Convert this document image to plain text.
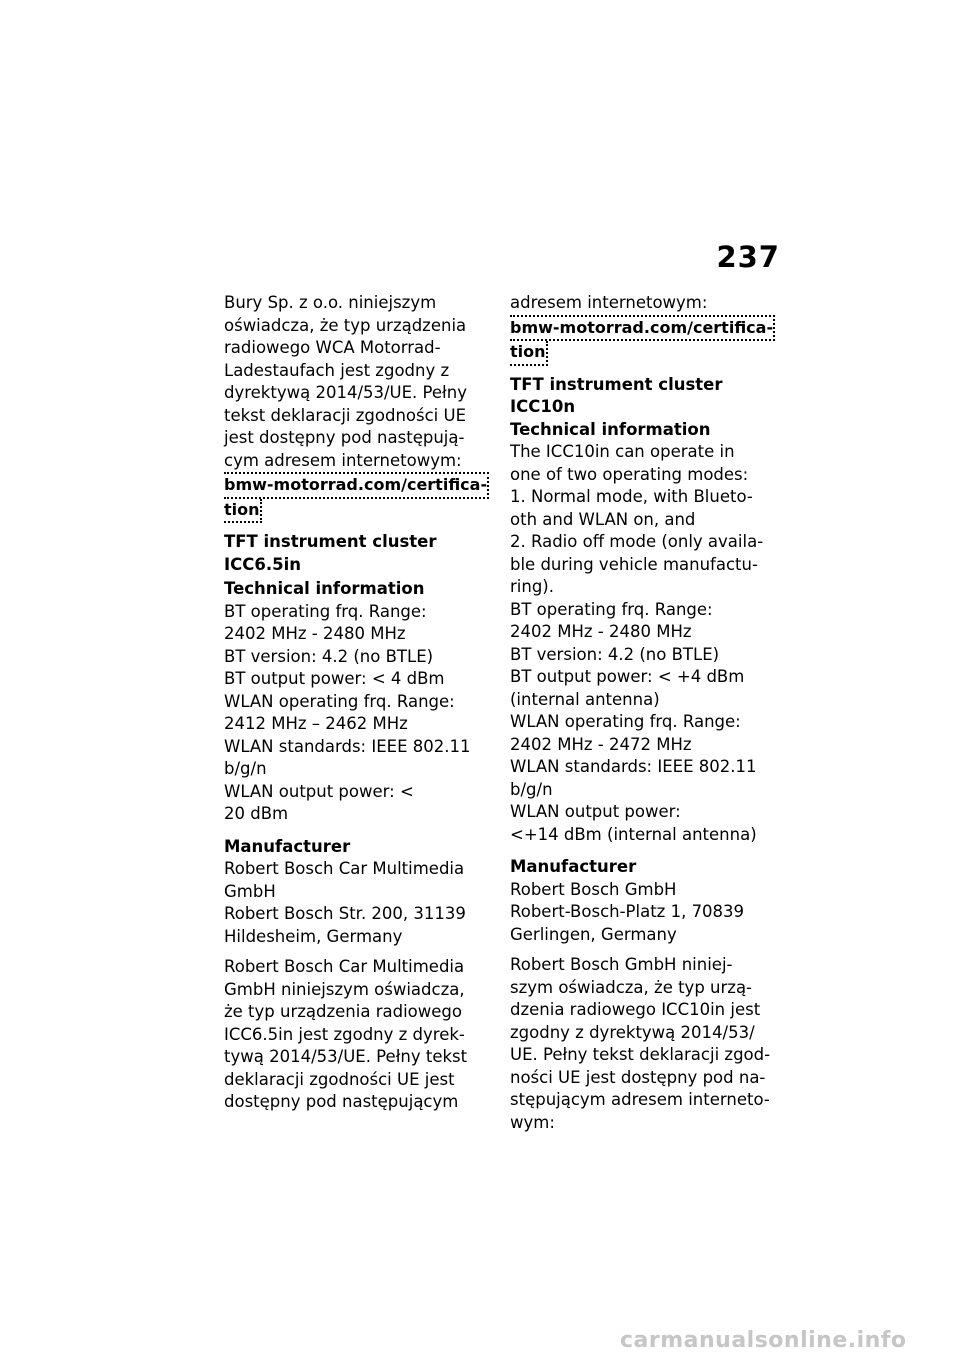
237
Bury Sp. z o.o. niniejszym
oświadcza, że typ urządzenia
radiowego WCA Motorrad-
Ladestaufach jest zgodny z
dyrektywą 2014/53/UE. Pełny
tekst deklaracji zgodności UE
jest dostępny pod następują-
cym adresem internetowym:
bmw-motorrad.com/certifica-

tion
TFT instrument cluster
ICC6.5in
Technical information
BT operating frq. Range:
2402 MHz - 2480 MHz
BT version: 4.2 (no BTLE)
BT output power: < 4 dBm
WLAN operating frq. Range:
2412 MHz – 2462 MHz
WLAN standards: IEEE 802.11
b/g/n
WLAN output power: <
20 dBm
Manufacturer
Robert Bosch Car Multimedia
GmbH
Robert Bosch Str. 200, 31139
Hildesheim, Germany
Robert Bosch Car Multimedia
GmbH niniejszym oświadcza,
że typ urządzenia radiowego
ICC6.5in jest zgodny z dyrek-
tywą 2014/53/UE. Pełny tekst
deklaracji zgodności UE jest
dostępny pod następującym
adresem internetowym:
bmw-motorrad.com/certifica-
tion
TFT instrument cluster
ICC10n
Technical information
The ICC10in can operate in
one of two operating modes:
1. Normal mode, with Blueto-
oth and WLAN on, and
2. Radio off mode (only availa-
ble during vehicle manufactu-
ring).
BT operating frq. Range:
2402 MHz - 2480 MHz
BT version: 4.2 (no BTLE)
BT output power: < +4 dBm
(internal antenna)
WLAN operating frq. Range:
2402 MHz - 2472 MHz
WLAN standards: IEEE 802.11
b/g/n
WLAN output power:
<+14 dBm (internal antenna)
Manufacturer
Robert Bosch GmbH
Robert-Bosch-Platz 1, 70839
Gerlingen, Germany
Robert Bosch GmbH niniej-
szym oświadcza, że typ urzą-
dzenia radiowego ICC10in jest
zgodny z dyrektywą 2014/53/
UE. Pełny tekst deklaracji zgod-
ności UE jest dostępny pod na-
stępującym adresem interneto-
wym:
carmanualsonline.info
